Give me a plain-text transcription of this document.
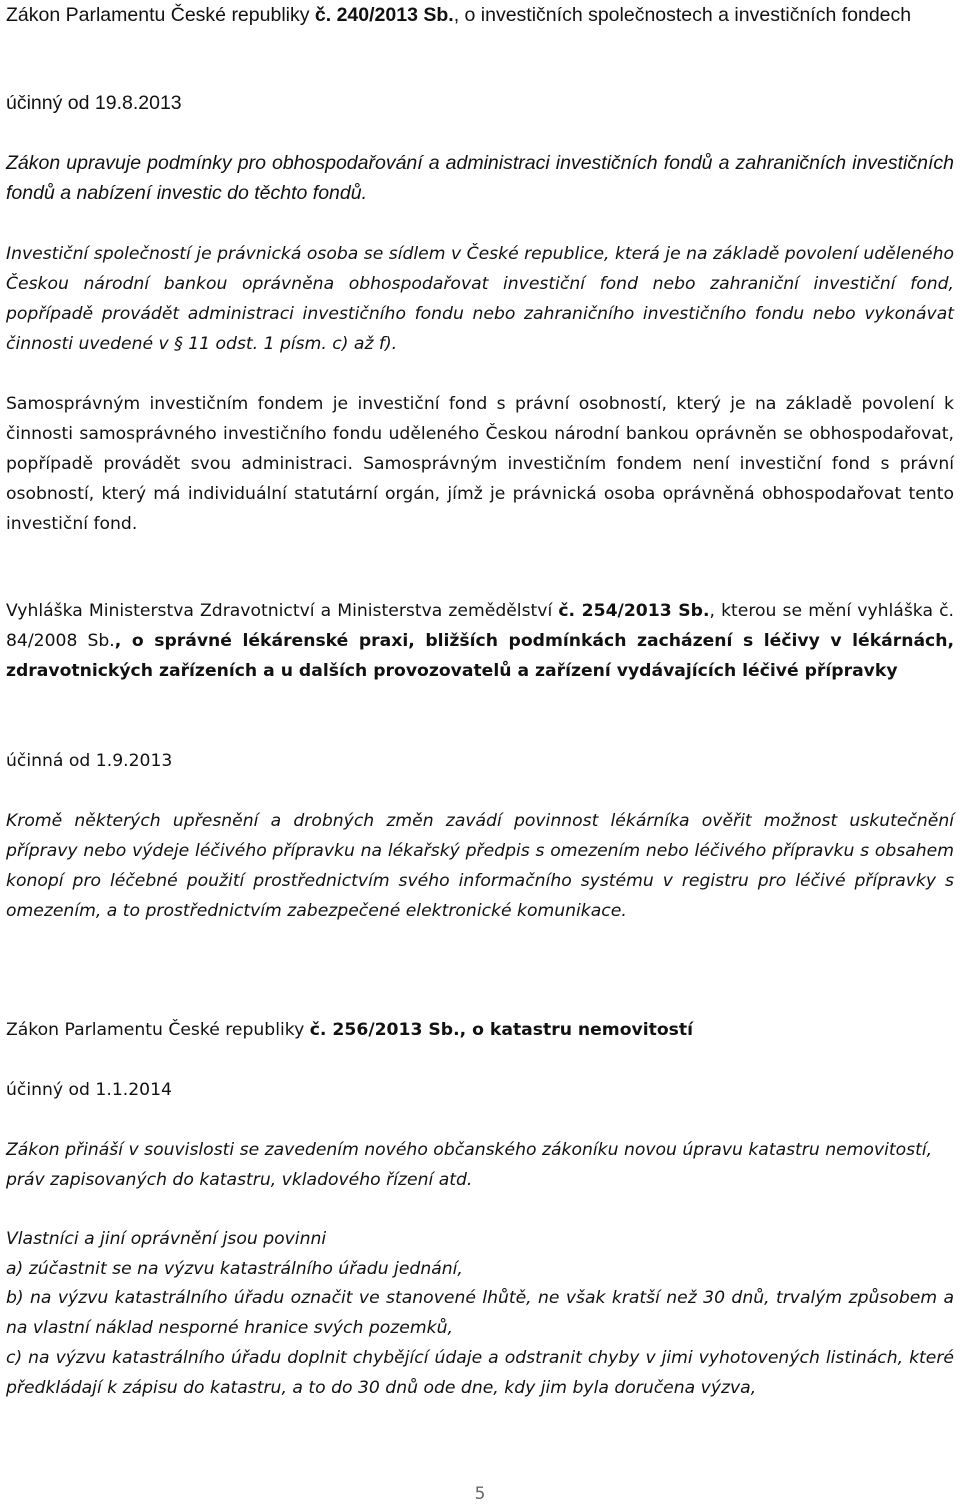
Zákon Parlamentu České republiky č. 240/2013 Sb., o investičních společnostech a investičních fondech

účinný od 19.8.2013

Zákon upravuje podmínky pro obhospodařování a administraci investičních fondů a zahraničních investičních fondů a nabízení investic do těchto fondů.

Investiční společností je právnická osoba se sídlem v České republice, která je na základě povolení uděleného Českou národní bankou oprávněna obhospodařovat investiční fond nebo zahraniční investiční fond, popřípadě provádět administraci investičního fondu nebo zahraničního investičního fondu nebo vykonávat činnosti uvedené v § 11 odst. 1 písm. c) až f).

Samosprávným investičním fondem je investiční fond s právní osobností, který je na základě povolení k činnosti samosprávného investičního fondu uděleného Českou národní bankou oprávněn se obhospodařovat, popřípadě provádět svou administraci. Samosprávným investičním fondem není investiční fond s právní osobností, který má individuální statutární orgán, jímž je právnická osoba oprávněná obhospodařovat tento investiční fond.

Vyhláška Ministerstva Zdravotnictví a Ministerstva zemědělství č. 254/2013 Sb., kterou se mění vyhláška č. 84/2008 Sb., o správné lékárenské praxi, bližších podmínkách zacházení s léčivy v lékárnách, zdravotnických zařízeních a u dalších provozovatelů a zařízení vydávajících léčivé přípravky

účinná od 1.9.2013

Kromě některých upřesnění a drobných změn zavádí povinnost lékárníka ověřit možnost uskutečnění přípravy nebo výdeje léčivého přípravku na lékařský předpis s omezením nebo léčivého přípravku s obsahem konopí pro léčebné použití prostřednictvím svého informačního systému v registru pro léčivé přípravky s omezením, a to prostřednictvím zabezpečené elektronické komunikace.

Zákon Parlamentu České republiky č. 256/2013 Sb., o katastru nemovitostí

účinný od 1.1.2014

Zákon přináší v souvislosti se zavedením nového občanského zákoníku novou úpravu katastru nemovitostí, práv zapisovaných do katastru, vkladového řízení atd.

Vlastníci a jiní oprávnění jsou povinni

a) zúčastnit se na výzvu katastrálního úřadu jednání,

b) na výzvu katastrálního úřadu označit ve stanovené lhůtě, ne však kratší než 30 dnů, trvalým způsobem a na vlastní náklad nesporné hranice svých pozemků,

c) na výzvu katastrálního úřadu doplnit chybějící údaje a odstranit chyby v jimi vyhotovených listinách, které předkládají k zápisu do katastru, a to do 30 dnů ode dne, kdy jim byla doručena výzva,

5
